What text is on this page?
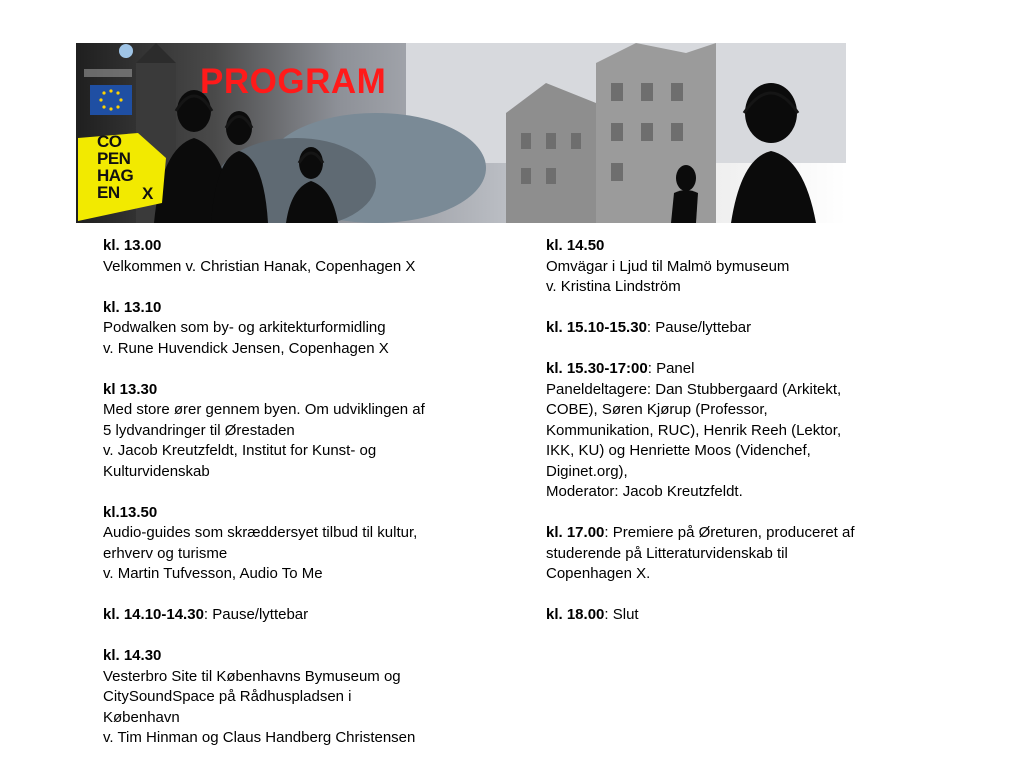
CO
PEN
HAG
EN	X
PROGRAM
kl. 13.00
Velkommen v. Christian Hanak, Copenhagen X
kl. 13.10
Podwalken som by- og arkitekturformidling
v. Rune Huvendick Jensen, Copenhagen X
kl 13.30
Med store ører gennem byen. Om udviklingen af
5 lydvandringer til Ørestaden
v. Jacob Kreutzfeldt, Institut for Kunst- og
Kulturvidenskab
kl.13.50
Audio-guides som skræddersyet tilbud til kultur,
erhverv og turisme
v. Martin Tufvesson, Audio To Me
kl. 14.10-14.30: Pause/lyttebar
kl. 14.30
Vesterbro Site til Københavns Bymuseum og
CitySoundSpace på Rådhuspladsen i
København
v. Tim Hinman og Claus Handberg Christensen
kl. 14.50
Omvägar i Ljud til Malmö bymuseum
v. Kristina Lindström
kl. 15.10-15.30: Pause/lyttebar
kl. 15.30-17:00: Panel
Paneldeltagere: Dan Stubbergaard (Arkitekt,
COBE), Søren Kjørup (Professor,
Kommunikation, RUC), Henrik Reeh (Lektor,
IKK, KU) og Henriette Moos (Videnchef,
Diginet.org),
Moderator: Jacob Kreutzfeldt.
kl. 17.00: Premiere på Øreturen, produceret af
studerende på Litteraturvidenskab til
Copenhagen X.
kl. 18.00: Slut
